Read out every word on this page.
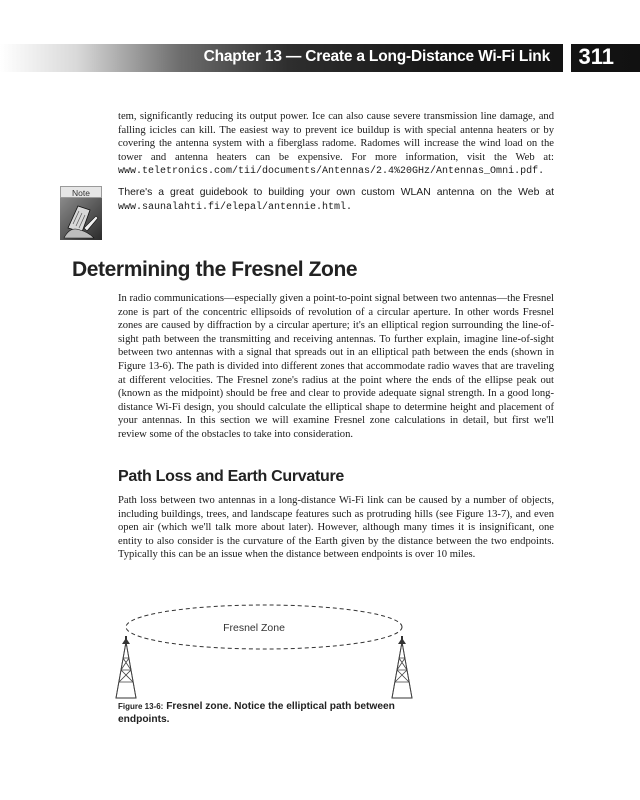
Chapter 13 — Create a Long-Distance Wi-Fi Link 311

tem, significantly reducing its output power. Ice can also cause severe transmission line damage, and falling icicles can kill. The easiest way to prevent ice buildup is with special antenna heaters or by covering the antenna system with a fiberglass radome. Radomes will increase the wind load on the tower and antenna heaters can be expensive. For more information, visit the Web at: www.teletronics.com/tii/documents/Antennas/2.4%20GHz/Antennas_Omni.pdf.

Note	There's a great guidebook to building your own custom WLAN antenna on the Web at www.saunalahti.fi/elepal/antennie.html.
Determining the Fresnel Zone

In radio communications—especially given a point-to-point signal between two antennas—the Fresnel zone is part of the concentric ellipsoids of revolution of a circular aperture. In other words Fresnel zones are caused by diffraction by a circular aperture; it's an elliptical region surrounding the line-of-sight path between the transmitting and receiving antennas. To further explain, imagine line-of-sight between two antennas with a signal that spreads out in an elliptical path between the ends (shown in Figure 13-6). The path is divided into different zones that accommodate radio waves that are traveling at different velocities. The Fresnel zone's radius at the point where the ends of the ellipse peak out (known as the midpoint) should be free and clear to provide adequate signal strength. In a good long-distance Wi-Fi design, you should calculate the elliptical shape to determine height and placement of your antennas. In this section we will examine Fresnel zone calculations in detail, but first we'll review some of the obstacles to take into consideration.

Path Loss and Earth Curvature

Path loss between two antennas in a long-distance Wi-Fi link can be caused by a number of objects, including buildings, trees, and landscape features such as protruding hills (see Figure 13-7), and even open air (which we'll talk more about later). However, although many times it is insignificant, one entity to also consider is the curvature of the Earth given by the distance between the two endpoints. Typically this can be an issue when the distance between endpoints is over 10 miles.

Fresnel Zone
Figure 13-6: Fresnel zone. Notice the elliptical path between endpoints.
